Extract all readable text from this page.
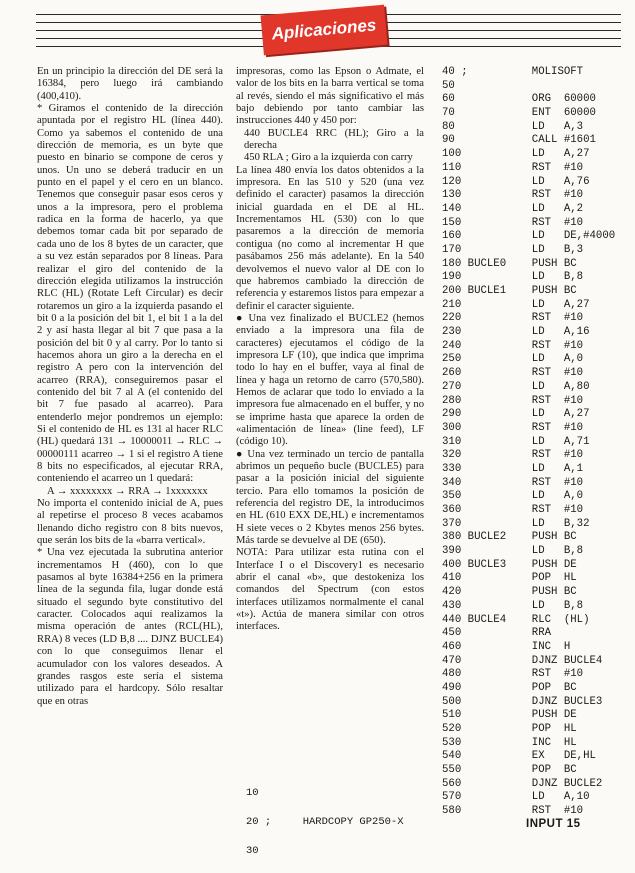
Aplicaciones

En un principio la dirección del DE será la 16384, pero luego irá cambiando (400,410).

* Giramos el contenido de la dirección apuntada por el registro HL (línea 440). Como ya sabemos el contenido de una dirección de memoria, es un byte que puesto en binario se compone de ceros y unos. Un uno se deberá traducir en un punto en el papel y el cero en un blanco. Tenemos que conseguir pasar esos ceros y unos a la impresora, pero el problema radica en la forma de hacerlo, ya que debemos tomar cada bit por separado de cada uno de los 8 bytes de un caracter, que a su vez están separados por 8 líneas. Para realizar el giro del contenido de la dirección elegida utilizamos la instrucción RLC (HL) (Rotate Left Circular) es decir rotaremos un giro a la izquierda pasando el bit 0 a la posición del bit 1, el bit 1 a la del 2 y así hasta llegar al bit 7 que pasa a la posición del bit 0 y al carry. Por lo tanto si hacemos ahora un giro a la derecha en el registro A pero con la intervención del acarreo (RRA), conseguiremos pasar el contenido del bit 7 al A (el contenido del bit 7 fue pasado al acarreo). Para entenderlo mejor pondremos un ejemplo: Si el contenido de HL es 131 al hacer RLC (HL) quedará 131 → 10000011 → RLC → 00000111 acarreo → 1 si el registro A tiene 8 bits no especificados, al ejecutar RRA, conteniendo el acarreo un 1 quedará:

A → xxxxxxxx → RRA → 1xxxxxxx

No importa el contenido inicial de A, pues al repetirse el proceso 8 veces acabamos llenando dicho registro con 8 bits nuevos, que serán los bits de la «barra vertical».

* Una vez ejecutada la subrutina anterior incrementamos H (460), con lo que pasamos al byte 16384+256 en la primera línea de la segunda fila, lugar donde está situado el segundo byte constitutivo del caracter. Colocados aquí realizamos la misma operación de antes (RCL(HL), RRA) 8 veces (LD B,8 .... DJNZ BUCLE4) con lo que conseguimos llenar el acumulador con los valores deseados. A grandes rasgos este sería el sistema utilizado para el hardcopy. Sólo resaltar que en otras

impresoras, como las Epson o Admate, el valor de los bits en la barra vertical se toma al revés, siendo el más significativo el más bajo debiendo por tanto cambiar las instrucciones 440 y 450 por:

440 BUCLE4 RRC (HL); Giro a la derecha

450 RLA ; Giro a la izquierda con carry

La línea 480 envía los datos obtenidos a la impresora. En las 510 y 520 (una vez definido el caracter) pasamos la dirección inicial guardada en el DE al HL. Incrementamos HL (530) con lo que pasaremos a la dirección de memoria contigua (no como al incrementar H que pasábamos 256 más adelante). En la 540 devolvemos el nuevo valor al DE con lo que habremos cambiado la dirección de referencia y estaremos listos para empezar a definir el caracter siguiente.

● Una vez finalizado el BUCLE2 (hemos enviado a la impresora una fila de caracteres) ejecutamos el código de la impresora LF (10), que indica que imprima todo lo hay en el buffer, vaya al final de línea y haga un retorno de carro (570,580). Hemos de aclarar que todo lo enviado a la impresora fue almacenado en el buffer, y no se imprime hasta que aparece la orden de «alimentación de línea» (line feed), LF (código 10).

● Una vez terminado un tercio de pantalla abrimos un pequeño bucle (BUCLE5) para pasar a la posición inicial del siguiente tercio. Para ello tomamos la posición de referencia del registro DE, la introducimos en HL (610 EXX DE,HL) e incrementamos H siete veces o 2 Kbytes menos 256 bytes. Más tarde se devuelve al DE (650).

NOTA: Para utilizar esta rutina con el Interface I o el Discovery1 es necesario abrir el canal «b», que destokeniza los comandos del Spectrum (con estos interfaces utilizamos normalmente el canal «t»). Actúa de manera similar con otros interfaces.

10

20 ;     HARDCOPY GP250-X

30

40 ;          MOLISOFT
50
60            ORG  60000
70            ENT  60000
80            LD   A,3
90            CALL #1601
100           LD   A,27
110           RST  #10
120           LD   A,76
130           RST  #10
140           LD   A,2
150           RST  #10
160           LD   DE,#4000
170           LD   B,3
180 BUCLE0    PUSH BC
190           LD   B,8
200 BUCLE1    PUSH BC
210           LD   A,27
220           RST  #10
230           LD   A,16
240           RST  #10
250           LD   A,0
260           RST  #10
270           LD   A,80
280           RST  #10
290           LD   A,27
300           RST  #10
310           LD   A,71
320           RST  #10
330           LD   A,1
340           RST  #10
350           LD   A,0
360           RST  #10
370           LD   B,32
380 BUCLE2    PUSH BC
390           LD   B,8
400 BUCLE3    PUSH DE
410           POP  HL
420           PUSH BC
430           LD   B,8
440 BUCLE4    RLC  (HL)
450           RRA
460           INC  H
470           DJNZ BUCLE4
480           RST  #10
490           POP  BC
500           DJNZ BUCLE3
510           PUSH DE
520           POP  HL
530           INC  HL
540           EX   DE,HL
550           POP  BC
560           DJNZ BUCLE2
570           LD   A,10
580           RST  #10
INPUT 15
